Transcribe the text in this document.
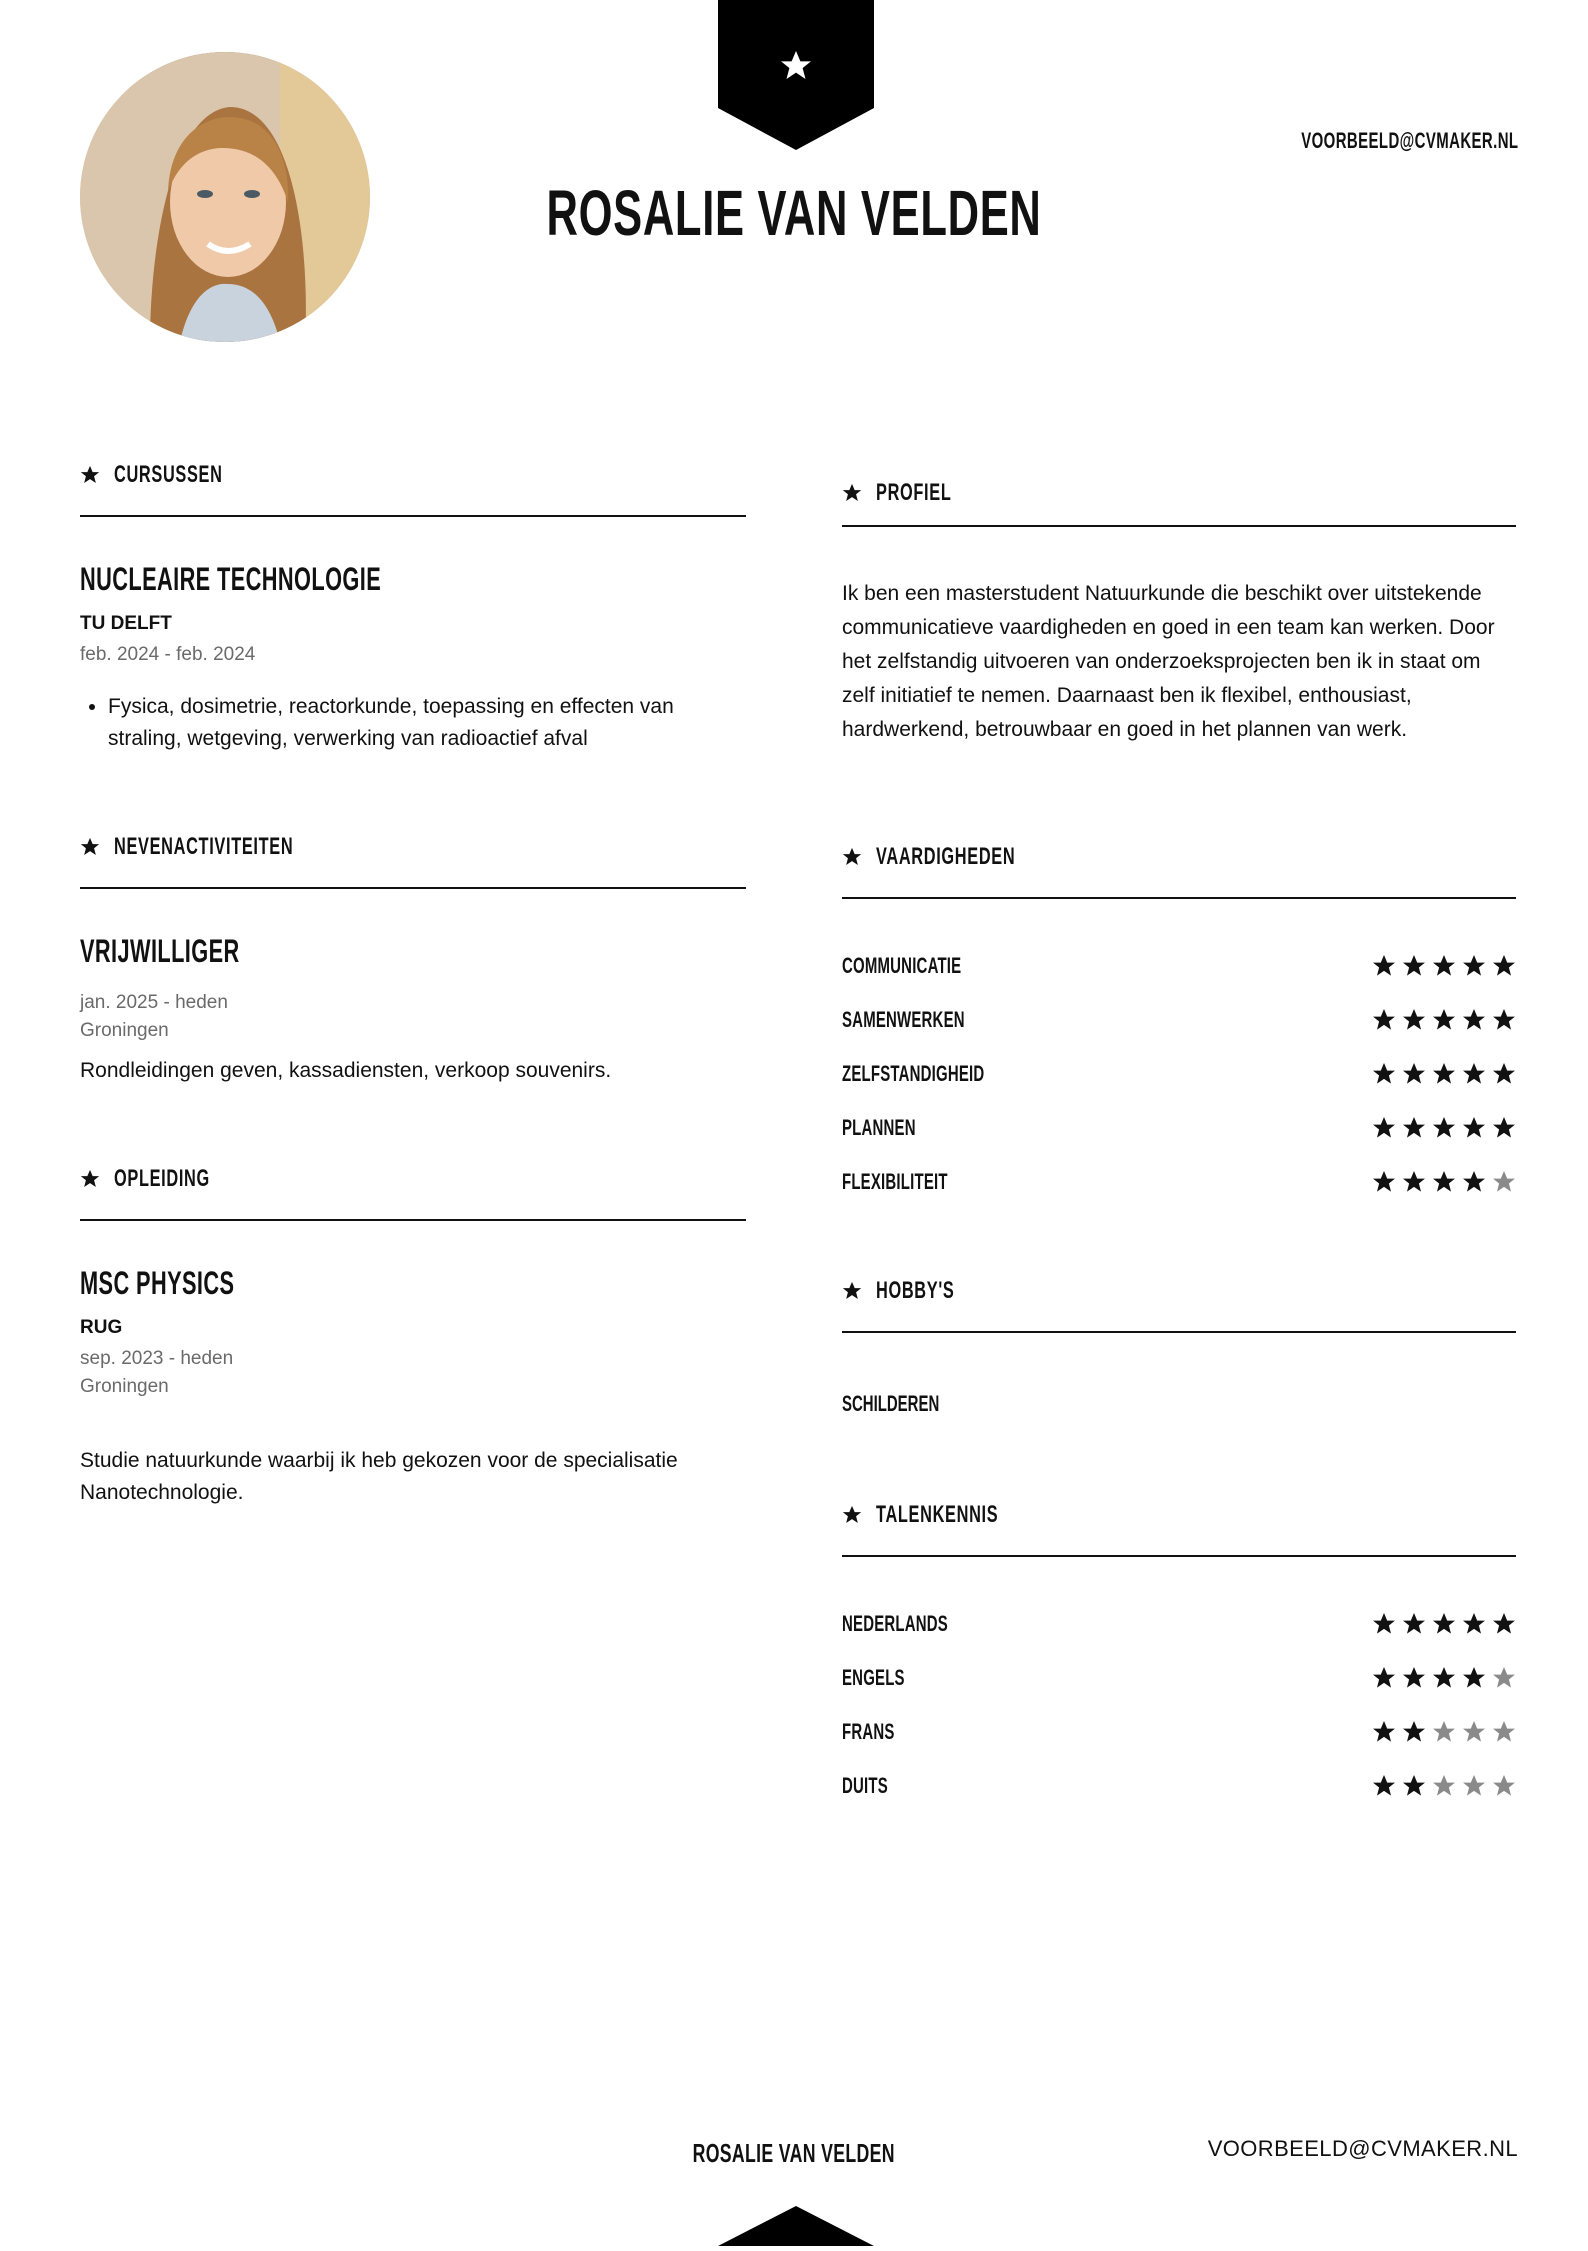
VOORBEELD@CVMAKER.NL
ROSALIE VAN VELDEN
CURSUSSEN
NUCLEAIRE TECHNOLOGIE
TU DELFT
feb. 2024 - feb. 2024
• Fysica, dosimetrie, reactorkunde, toepassing en effecten van straling, wetgeving, verwerking van radioactief afval
NEVENACTIVITEITEN
VRIJWILLIGER
jan. 2025 - heden
Groningen
Rondleidingen geven, kassadiensten, verkoop souvenirs.
OPLEIDING
MSC PHYSICS
RUG
sep. 2023 - heden
Groningen
Studie natuurkunde waarbij ik heb gekozen voor de specialisatie Nanotechnologie.
PROFIEL
Ik ben een masterstudent Natuurkunde die beschikt over uitstekende communicatieve vaardigheden en goed in een team kan werken. Door het zelfstandig uitvoeren van onderzoeksprojecten ben ik in staat om zelf initiatief te nemen. Daarnaast ben ik flexibel, enthousiast, hardwerkend, betrouwbaar en goed in het plannen van werk.
VAARDIGHEDEN
COMMUNICATIE
SAMENWERKEN
ZELFSTANDIGHEID
PLANNEN
FLEXIBILITEIT
HOBBY'S
SCHILDEREN
TALENKENNIS
NEDERLANDS
ENGELS
FRANS
DUITS
ROSALIE VAN VELDEN	VOORBEELD@CVMAKER.NL
